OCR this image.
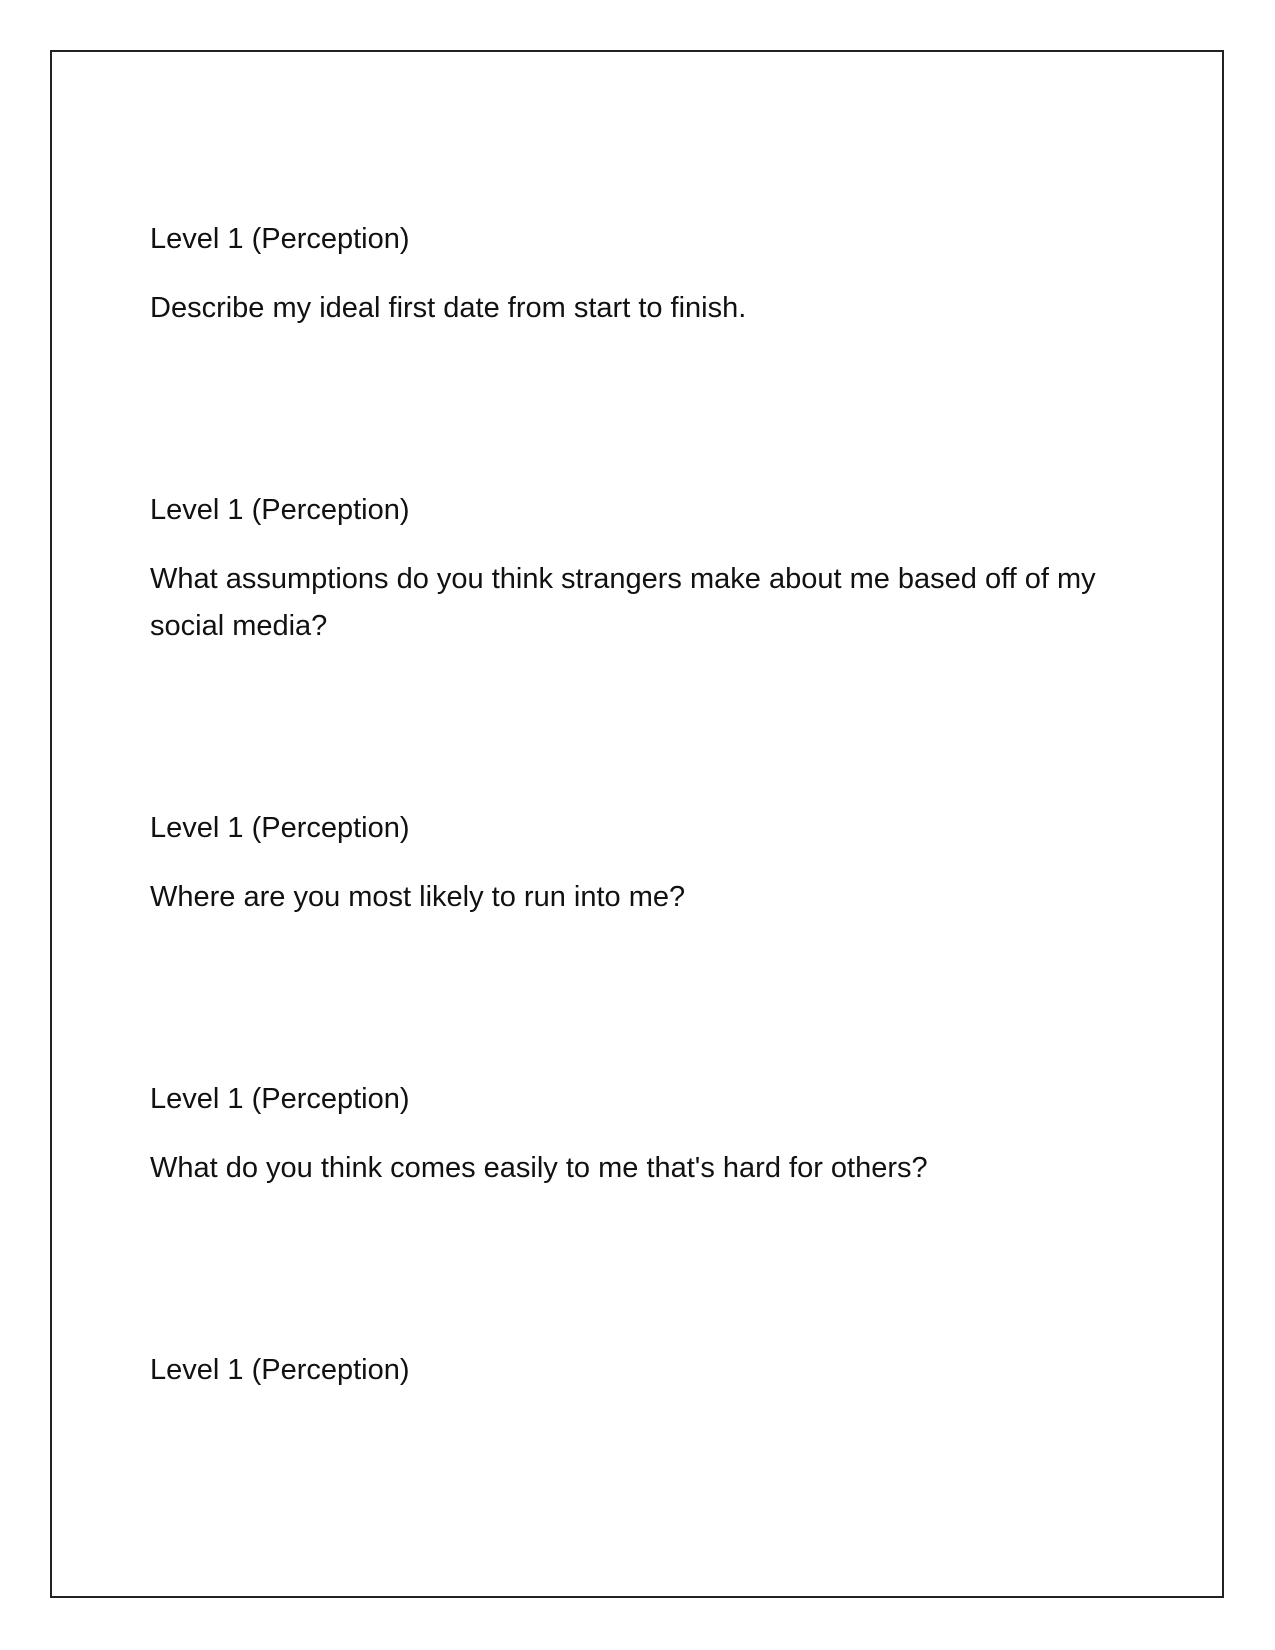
Level 1 (Perception)

Describe my ideal first date from start to finish.

Level 1 (Perception)

What assumptions do you think strangers make about me based off of my social media?

Level 1 (Perception)

Where are you most likely to run into me?

Level 1 (Perception)

What do you think comes easily to me that's hard for others?

Level 1 (Perception)
